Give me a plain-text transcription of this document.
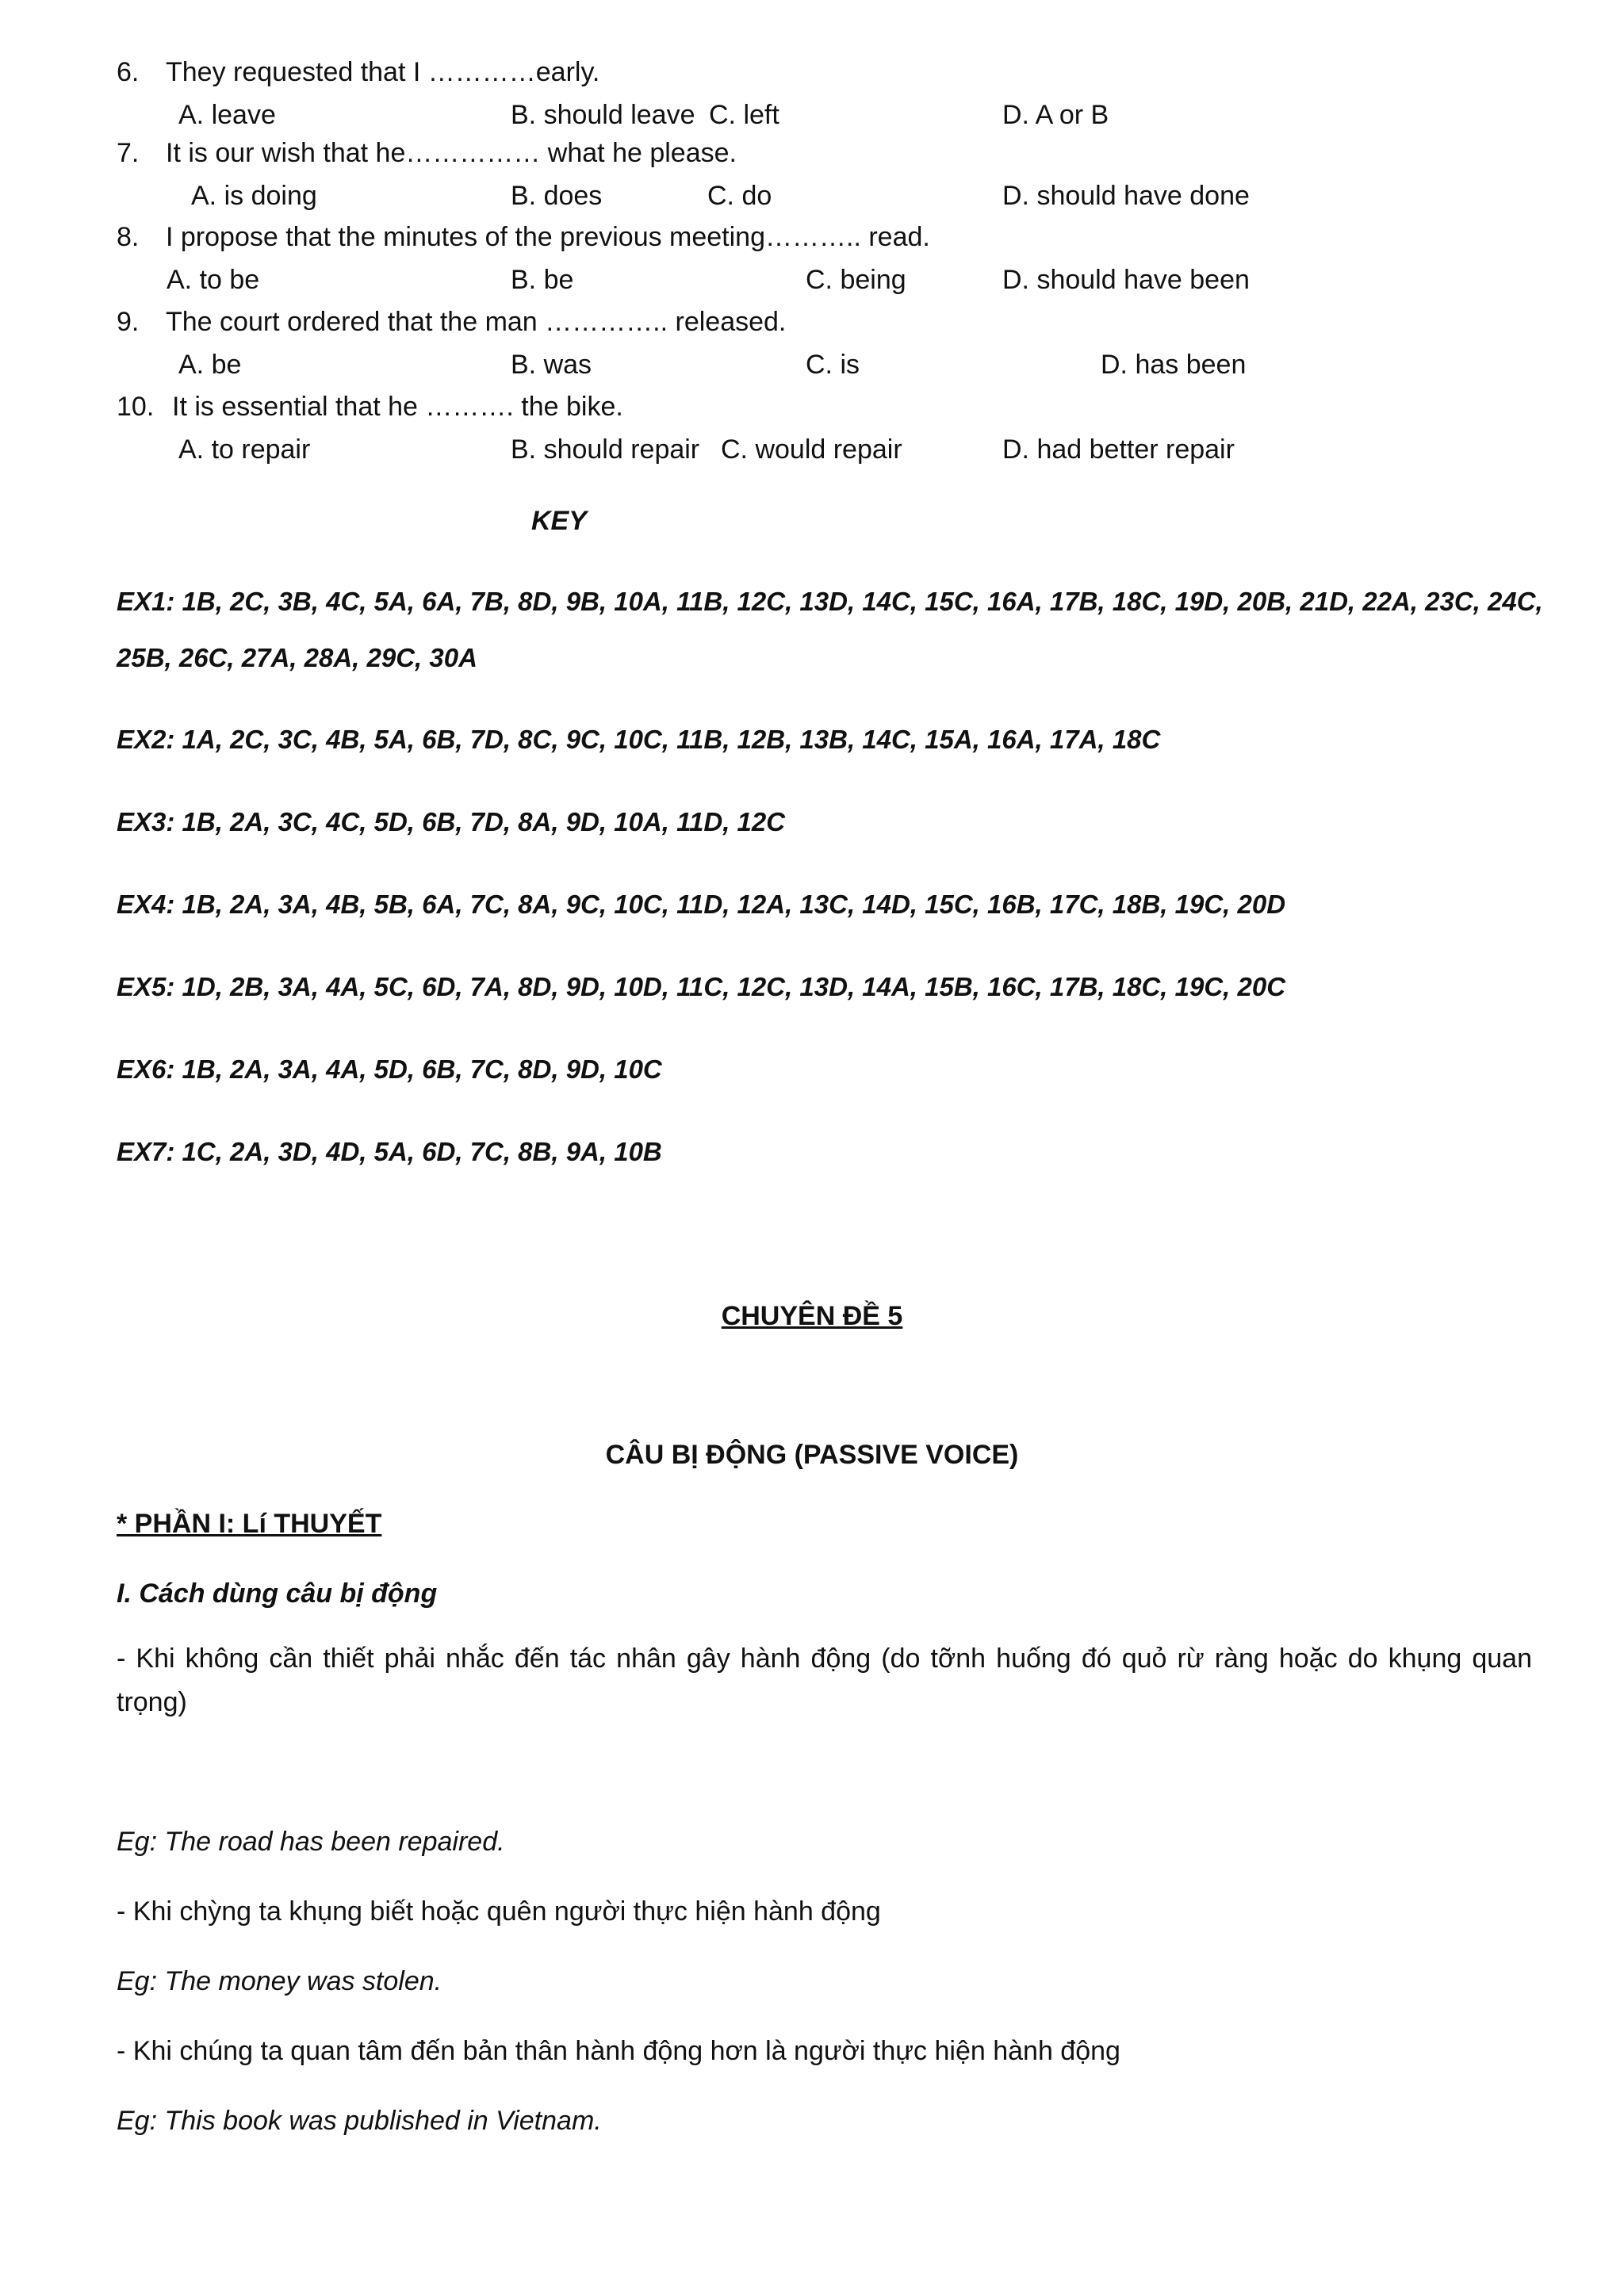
6. They requested that I …………early.
A. leave	B. should leave C. left	D. A or B
7. It is our wish that he…………… what he please.
A. is doing	B. does	C. do	D. should have done
8. I propose that the minutes of the previous meeting……….. read.
A. to be	B. be	C. being	D. should have been
9. The court ordered that the man ………….. released.
A. be	B. was	C. is	D. has been
10. It is essential that he ………. the bike.
A. to repair	B. should repair C. would repair	D. had better repair
KEY
EX1: 1B, 2C, 3B, 4C, 5A, 6A, 7B, 8D, 9B, 10A, 11B, 12C, 13D, 14C, 15C, 16A, 17B, 18C, 19D, 20B, 21D, 22A, 23C, 24C,
25B, 26C, 27A, 28A, 29C, 30A
EX2: 1A, 2C, 3C, 4B, 5A, 6B, 7D, 8C, 9C, 10C, 11B, 12B, 13B, 14C, 15A, 16A, 17A, 18C
EX3: 1B, 2A, 3C, 4C, 5D, 6B, 7D, 8A, 9D, 10A, 11D, 12C
EX4: 1B, 2A, 3A, 4B, 5B, 6A, 7C, 8A, 9C, 10C, 11D, 12A, 13C, 14D, 15C, 16B, 17C, 18B, 19C, 20D
EX5: 1D, 2B, 3A, 4A, 5C, 6D, 7A, 8D, 9D, 10D, 11C, 12C, 13D, 14A, 15B, 16C, 17B, 18C, 19C, 20C
EX6: 1B, 2A, 3A, 4A, 5D, 6B, 7C, 8D, 9D, 10C
EX7: 1C, 2A, 3D, 4D, 5A, 6D, 7C, 8B, 9A, 10B
CHUYÊN ĐỀ 5
CÂU BỊ ĐỘNG (PASSIVE VOICE)
* PHẦN I: Lí THUYẾT
I. Cách dùng câu bị động
- Khi không cần thiết phải nhắc đến tác nhân gây hành động (do tỡnh huống đó quỏ rừ ràng hoặc do khụng quan trọng)
Eg: The road has been repaired.
- Khi chỳng ta khụng biết hoặc quên người thực hiện hành động
Eg: The money was stolen.
- Khi chúng ta quan tâm đến bản thân hành động hơn là người thực hiện hành động
Eg: This book was published in Vietnam.
